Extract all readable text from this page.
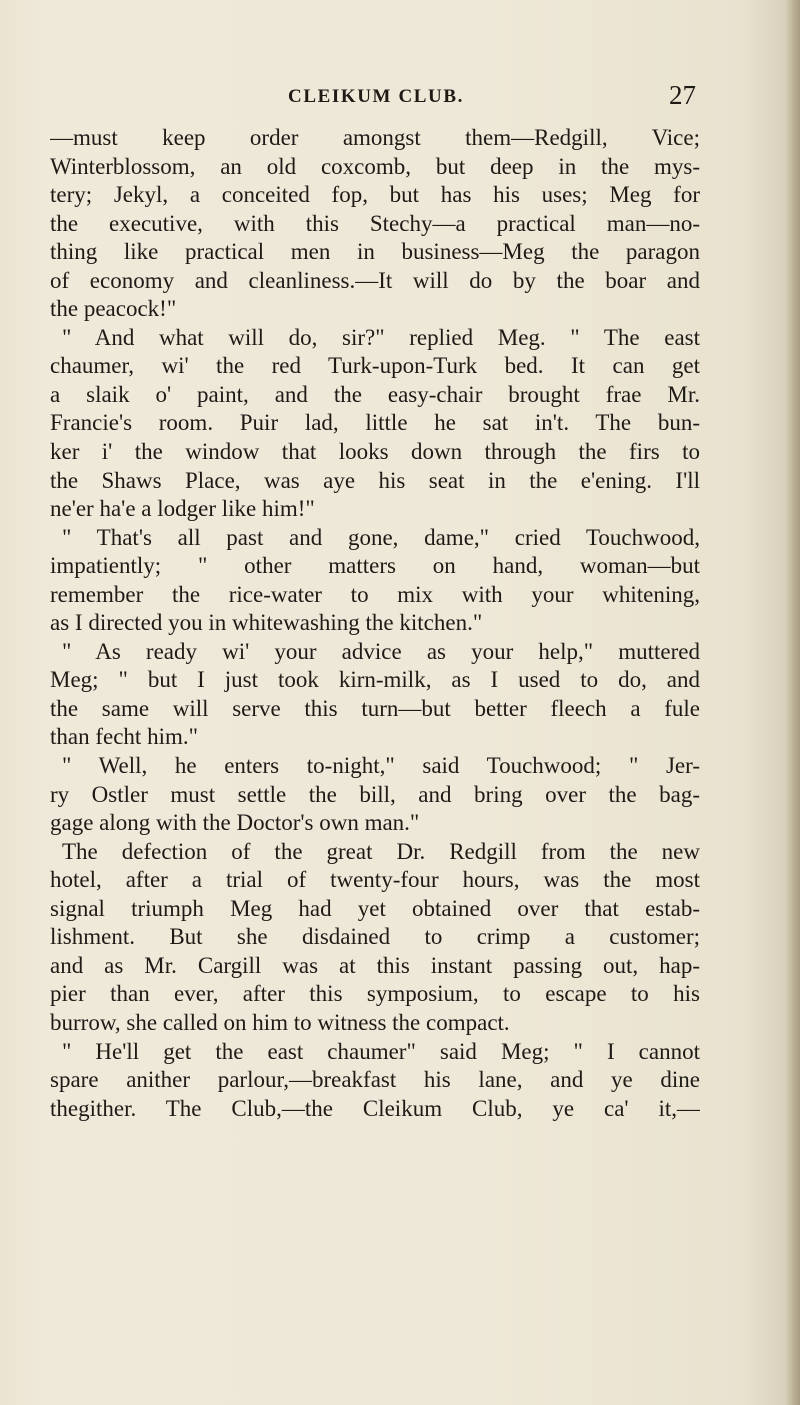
CLEIKUM CLUB.	27
—must keep order amongst them—Redgill, Vice;
Winterblossom, an old coxcomb, but deep in the mys-
tery; Jekyl, a conceited fop, but has his uses; Meg for
the executive, with this Stechy—a practical man—no-
thing like practical men in business—Meg the paragon
of economy and cleanliness.—It will do by the boar and
the peacock!"
" And what will do, sir?" replied Meg. " The east
chaumer, wi' the red Turk-upon-Turk bed. It can get
a slaik o' paint, and the easy-chair brought frae Mr.
Francie's room. Puir lad, little he sat in't. The bun-
ker i' the window that looks down through the firs to
the Shaws Place, was aye his seat in the e'ening. I'll
ne'er ha'e a lodger like him!"
" That's all past and gone, dame," cried Touchwood,
impatiently; " other matters on hand, woman—but
remember the rice-water to mix with your whitening,
as I directed you in whitewashing the kitchen."
" As ready wi' your advice as your help," muttered
Meg; " but I just took kirn-milk, as I used to do, and
the same will serve this turn—but better fleech a fule
than fecht him."
" Well, he enters to-night," said Touchwood; " Jer-
ry Ostler must settle the bill, and bring over the bag-
gage along with the Doctor's own man."
The defection of the great Dr. Redgill from the new
hotel, after a trial of twenty-four hours, was the most
signal triumph Meg had yet obtained over that estab-
lishment. But she disdained to crimp a customer;
and as Mr. Cargill was at this instant passing out, hap-
pier than ever, after this symposium, to escape to his
burrow, she called on him to witness the compact.
" He'll get the east chaumer" said Meg; " I cannot
spare anither parlour,—breakfast his lane, and ye dine
thegither. The Club,—the Cleikum Club, ye ca' it,—
